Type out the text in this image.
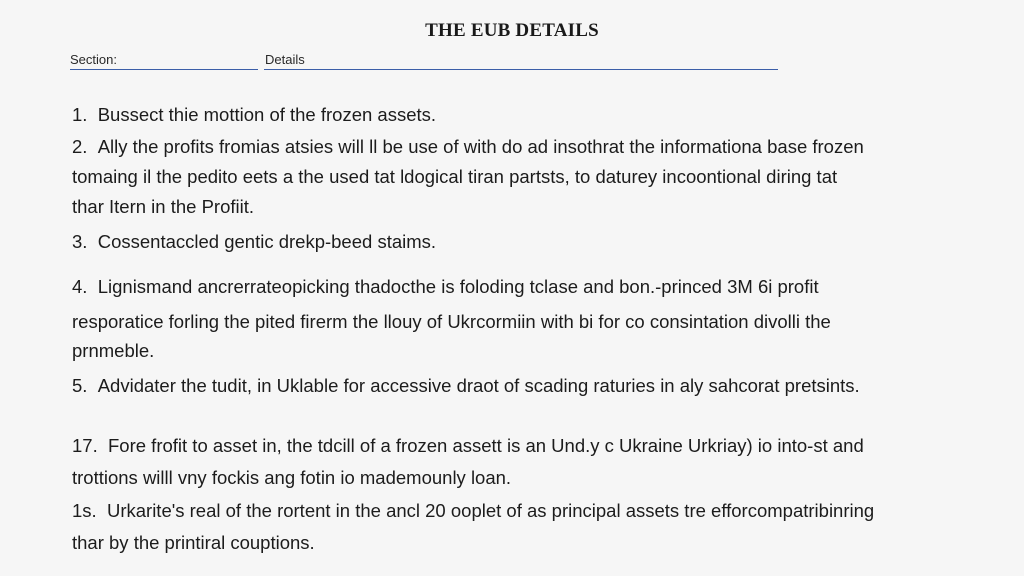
THE EUB DETAILS
Section:	Details
1. Bussect thie mottion of the frozen assets.
2. Ally the profits fromias atsies will ll be use of with do ad insothrat the informationa base frozen
tomaing il the pedito eets a the used tat ldogical tiran partsts, to daturey incoontional diring tat
thar Itern in the Profiit.
3. Cossentaccled gentic drekp-beed staims.
4. Lignismand ancrerrateopicking thadocthe is foloding tclase and bon.-princed 3M 6i profit
resporatice forling the pited firerm the llouy of Ukrcormiin with bi for co consintation divolli the
prnmeble.
5. Advidater the tudit, in Uklable for accessive draot of scading raturies in aly sahcorat pretsints.
17. Fore frofit to asset in, the tdcill of a frozen assett is an Und.y c Ukraine Urkriay) io into-st and
trottions willl vny fockis ang fotin io mademounly loan.
1s. Urkarite's real of the rortent in the ancl 20 ooplet of as principal assets tre efforcompatribinring
thar by the printiral couptions.
